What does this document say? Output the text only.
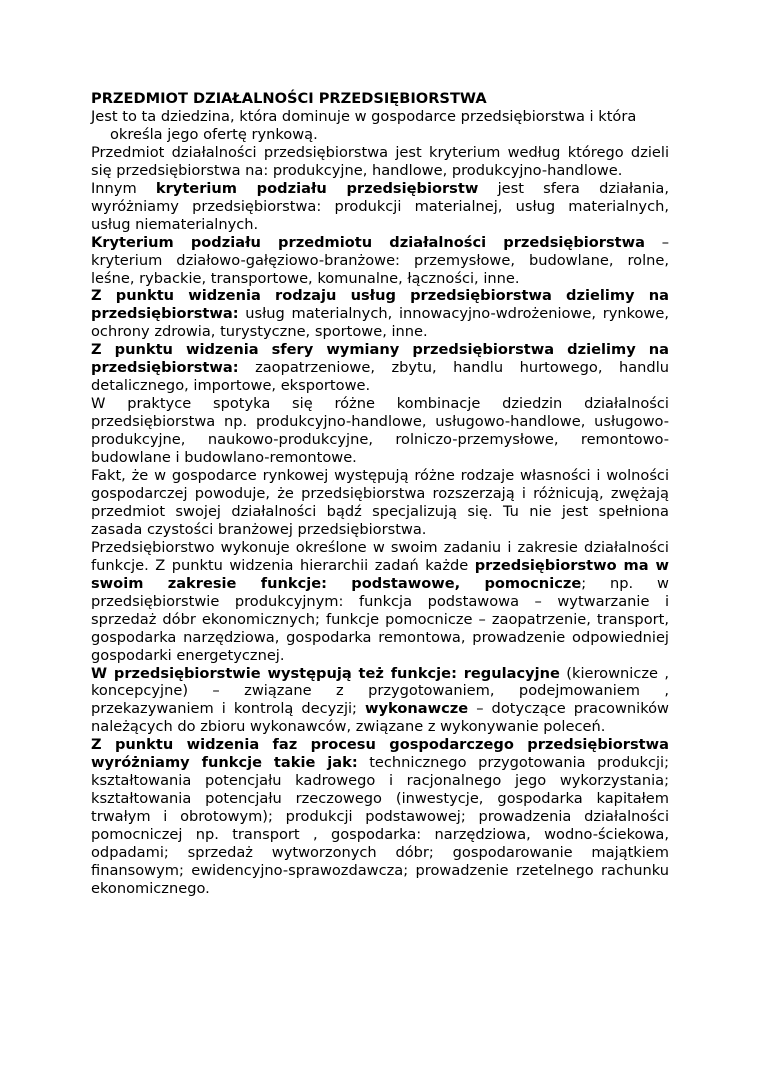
PRZEDMIOT DZIAŁALNOŚCI PRZEDSIĘBIORSTWA

Jest to ta dziedzina, która dominuje w gospodarce przedsiębiorstwa i która określa jego ofertę rynkową.

Przedmiot działalności przedsiębiorstwa jest kryterium według którego dzieli się przedsiębiorstwa na: produkcyjne, handlowe, produkcyjno-handlowe.

Innym kryterium podziału przedsiębiorstw jest sfera działania, wyróżniamy przedsiębiorstwa: produkcji materialnej, usług materialnych, usług niematerialnych.

Kryterium podziału przedmiotu działalności przedsiębiorstwa – kryterium działowo-gałęziowo-branżowe: przemysłowe, budowlane, rolne, leśne, rybackie, transportowe, komunalne, łączności, inne.

Z punktu widzenia rodzaju usług przedsiębiorstwa dzielimy na przedsiębiorstwa: usług materialnych, innowacyjno-wdrożeniowe, rynkowe, ochrony zdrowia, turystyczne, sportowe, inne.

Z punktu widzenia sfery wymiany przedsiębiorstwa dzielimy na przedsiębiorstwa: zaopatrzeniowe, zbytu, handlu hurtowego, handlu detalicznego, importowe, eksportowe.

W praktyce spotyka się różne kombinacje dziedzin działalności przedsiębiorstwa np. produkcyjno-handlowe, usługowo-handlowe, usługowo-produkcyjne, naukowo-produkcyjne, rolniczo-przemysłowe, remontowo-budowlane i budowlano-remontowe.

Fakt, że w gospodarce rynkowej występują różne rodzaje własności i wolności gospodarczej powoduje, że przedsiębiorstwa rozszerzają i różnicują, zwężają przedmiot swojej działalności bądź specjalizują się. Tu nie jest spełniona zasada czystości branżowej przedsiębiorstwa.

Przedsiębiorstwo wykonuje określone w swoim zadaniu i zakresie działalności funkcje. Z punktu widzenia hierarchii zadań każde przedsiębiorstwo ma w swoim zakresie funkcje: podstawowe, pomocnicze; np. w przedsiębiorstwie produkcyjnym: funkcja podstawowa – wytwarzanie i sprzedaż dóbr ekonomicznych; funkcje pomocnicze – zaopatrzenie, transport, gospodarka narzędziowa, gospodarka remontowa, prowadzenie odpowiedniej gospodarki energetycznej.

W przedsiębiorstwie występują też funkcje: regulacyjne (kierownicze , koncepcyjne) – związane z przygotowaniem, podejmowaniem , przekazywaniem i kontrolą decyzji; wykonawcze – dotyczące pracowników należących do zbioru wykonawców, związane z wykonywanie poleceń.

Z punktu widzenia faz procesu gospodarczego przedsiębiorstwa wyróżniamy funkcje takie jak: technicznego przygotowania produkcji; kształtowania potencjału kadrowego i racjonalnego jego wykorzystania; kształtowania potencjału rzeczowego (inwestycje, gospodarka kapitałem trwałym i obrotowym); produkcji podstawowej; prowadzenia działalności pomocniczej np. transport , gospodarka: narzędziowa, wodno-ściekowa, odpadami; sprzedaż wytworzonych dóbr; gospodarowanie majątkiem finansowym; ewidencyjno-sprawozdawcza; prowadzenie rzetelnego rachunku ekonomicznego.
